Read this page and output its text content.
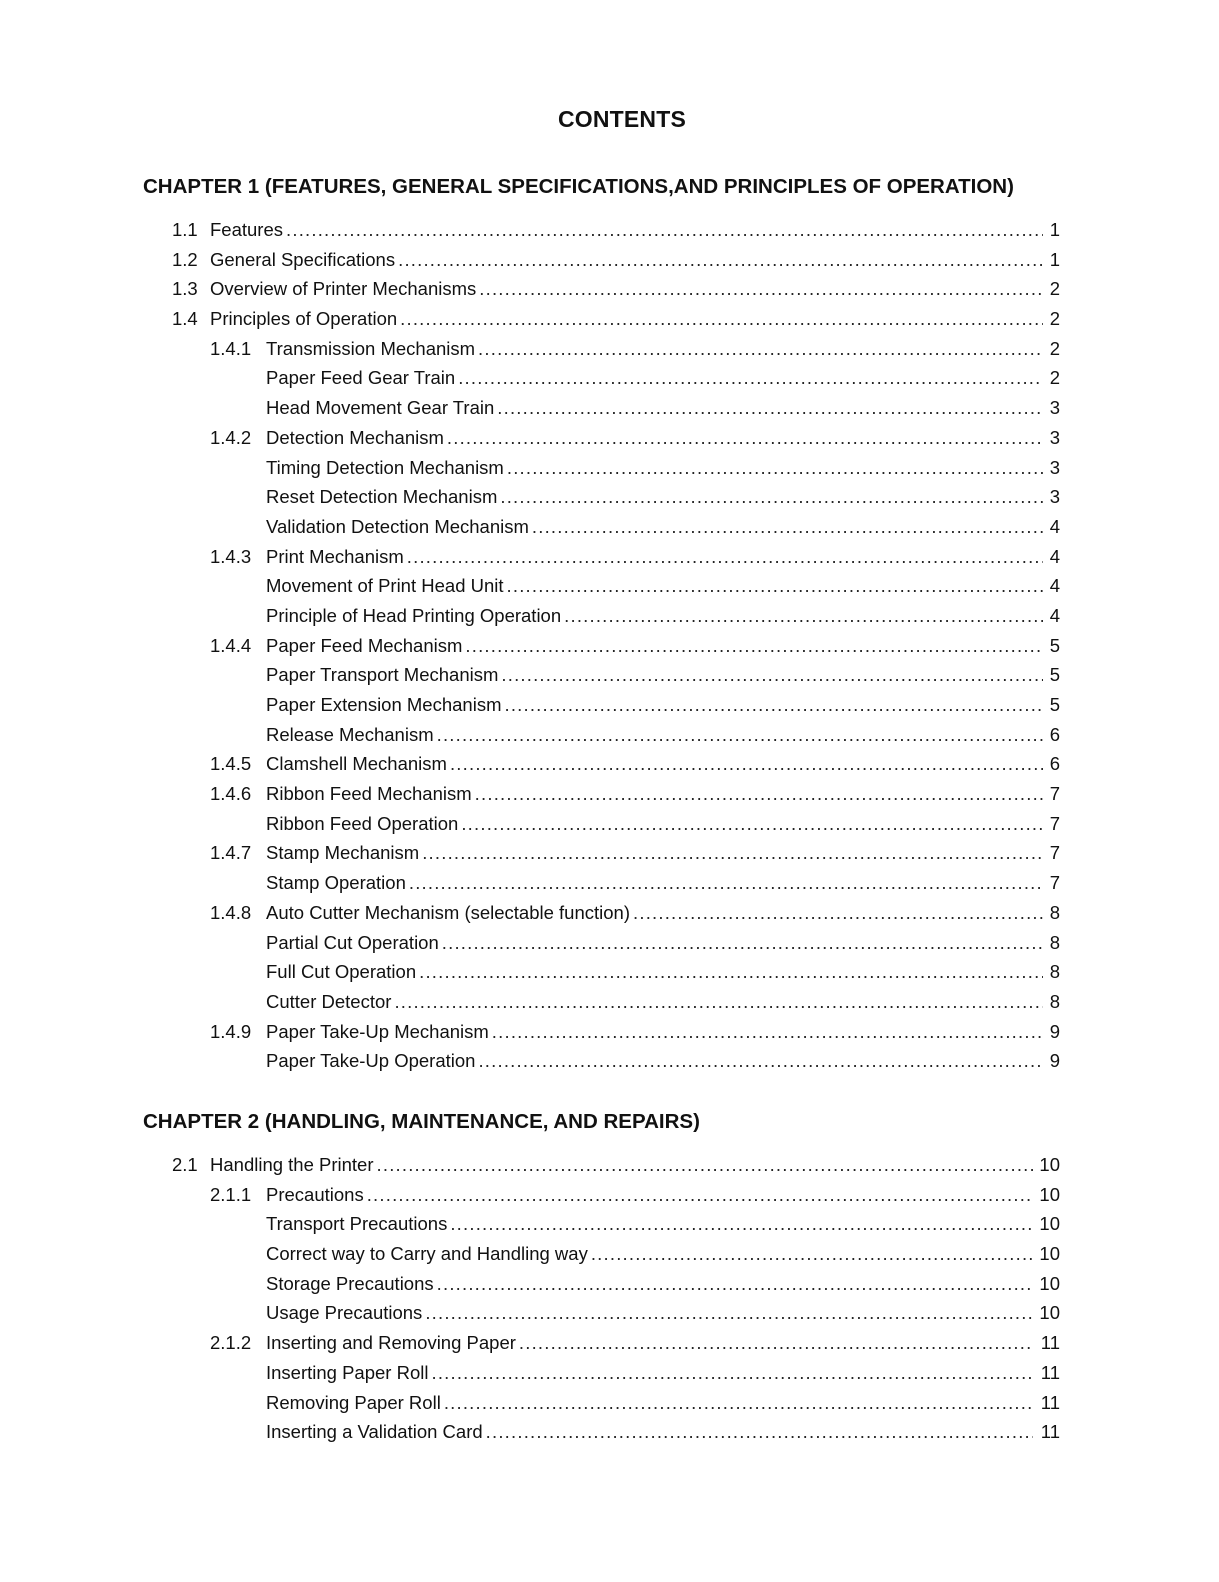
CONTENTS
CHAPTER 1 (FEATURES, GENERAL SPECIFICATIONS,AND PRINCIPLES OF OPERATION)
1.1 Features .....	1
1.2 General Specifications .....	1
1.3 Overview of Printer Mechanisms .....	2
1.4 Principles of Operation .....	2
1.4.1 Transmission Mechanism .....	2
Paper Feed Gear Train .....	2
Head Movement Gear Train .....	3
1.4.2 Detection Mechanism .....	3
Timing Detection Mechanism .....	3
Reset Detection Mechanism .....	3
Validation Detection Mechanism .....	4
1.4.3 Print Mechanism .....	4
Movement of Print Head Unit .....	4
Principle of Head Printing Operation .....	4
1.4.4 Paper Feed Mechanism .....	5
Paper Transport Mechanism .....	5
Paper Extension Mechanism .....	5
Release Mechanism .....	6
1.4.5 Clamshell Mechanism .....	6
1.4.6 Ribbon Feed Mechanism .....	7
Ribbon Feed Operation .....	7
1.4.7 Stamp Mechanism .....	7
Stamp Operation .....	7
1.4.8 Auto Cutter Mechanism (selectable function) .....	8
Partial Cut Operation .....	8
Full Cut Operation .....	8
Cutter Detector .....	8
1.4.9 Paper Take-Up Mechanism .....	9
Paper Take-Up Operation .....	9
CHAPTER 2 (HANDLING, MAINTENANCE, AND REPAIRS)
2.1 Handling the Printer .....	10
2.1.1 Precautions .....	10
Transport Precautions .....	10
Correct way to Carry and Handling way .....	10
Storage Precautions .....	10
Usage Precautions .....	10
2.1.2 Inserting and Removing Paper .....	11
Inserting Paper Roll .....	11
Removing Paper Roll .....	11
Inserting a Validation Card .....	11
